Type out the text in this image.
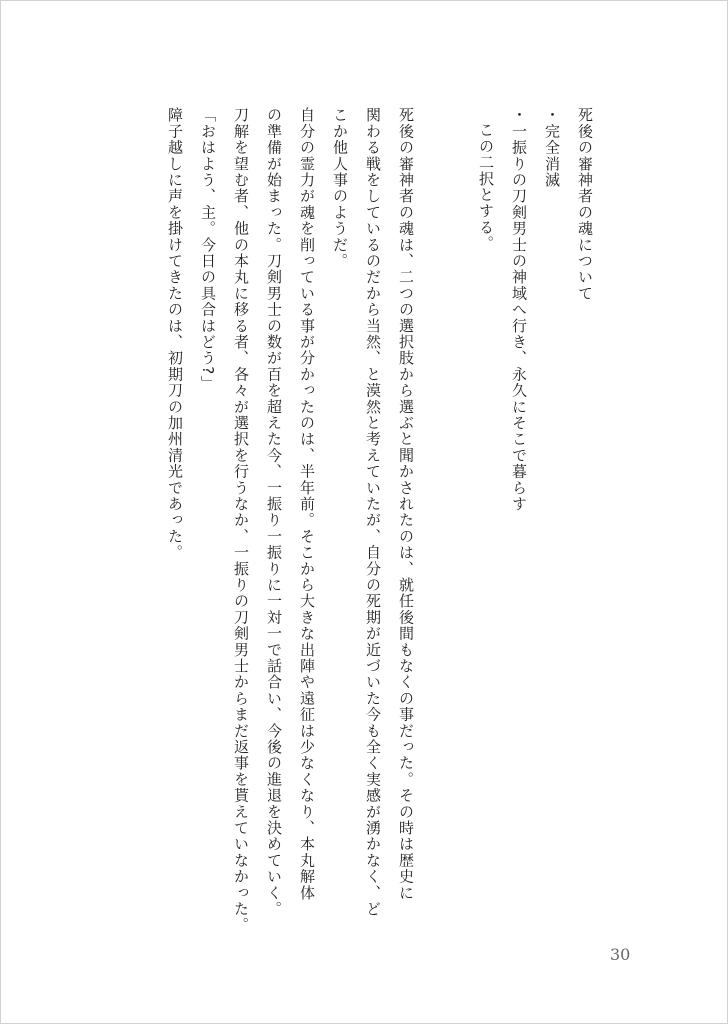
死後の審神者の魂について
・完全消滅
・一振りの刀剣男士の神域へ行き、永久にそこで暮らす
この二択とする。
死後の審神者の魂は、二つの選択肢から選ぶと聞かされたのは、就任後間もなくの事だった。その時は歴史に
関わる戦をしているのだから当然、と漠然と考えていたが、自分の死期が近づいた今も全く実感が湧かなく、ど
こか他人事のようだ。
自分の霊力が魂を削っている事が分かったのは、半年前。そこから大きな出陣や遠征は少なくなり、本丸解体
の準備が始まった。刀剣男士の数が百を超えた今、一振り一振りに一対一で話合い、今後の進退を決めていく。
刀解を望む者、他の本丸に移る者、各々が選択を行うなか、一振りの刀剣男士からまだ返事を貰えていなかった。
「おはよう、主。今日の具合はどう?」
障子越しに声を掛けてきたのは、初期刀の加州清光であった。
30
